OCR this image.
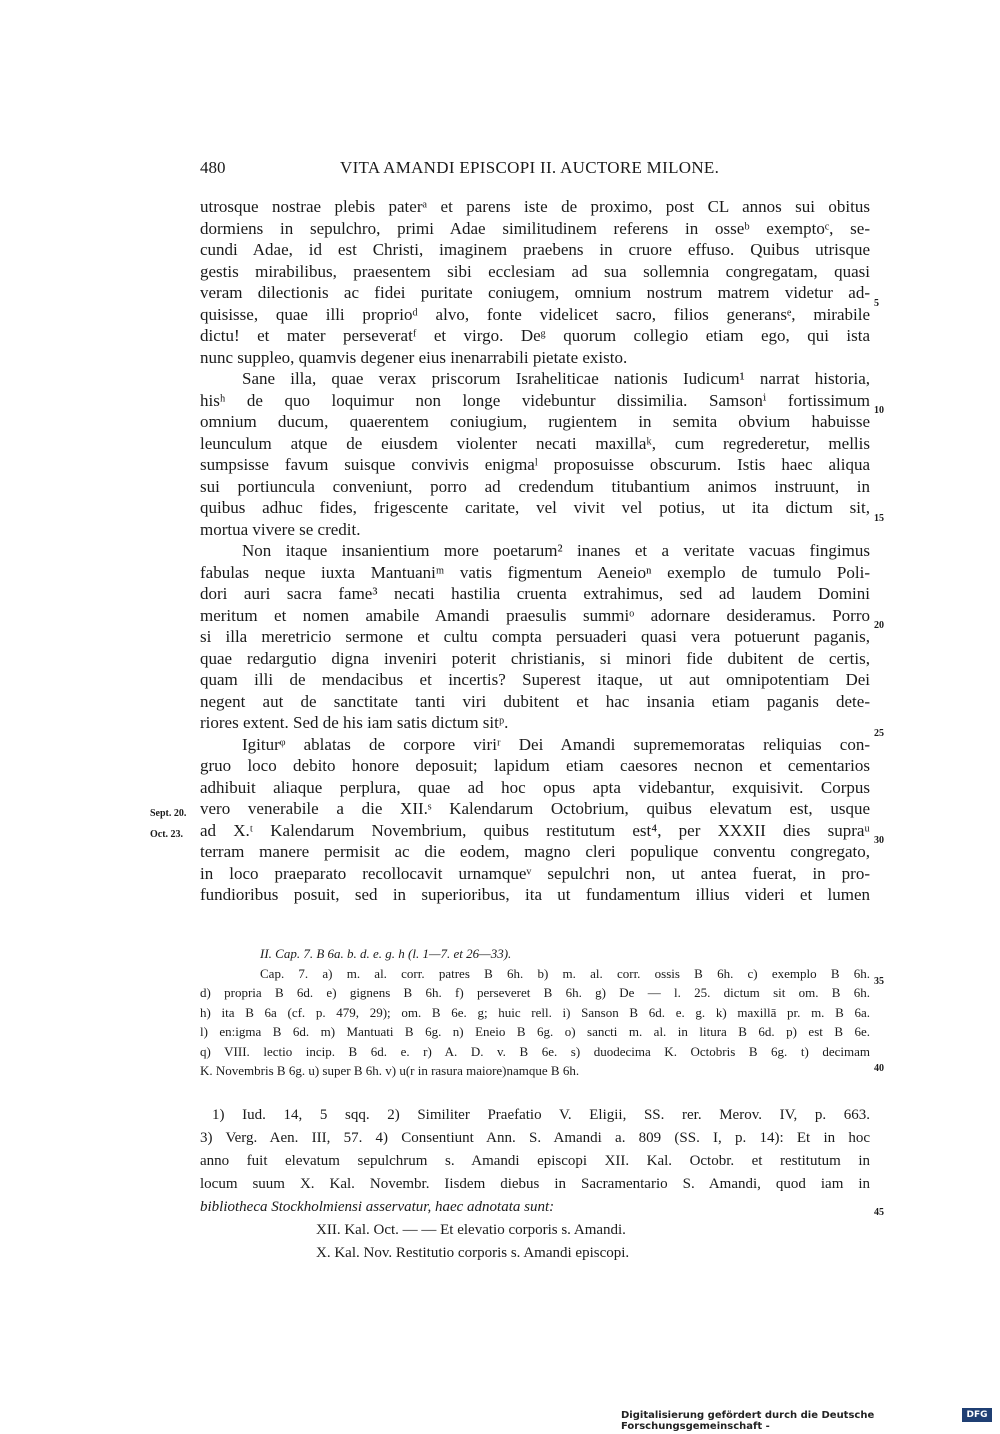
480	VITA AMANDI EPISCOPI II. AUCTORE MILONE.
utrosque nostrae plebis paterᵃ et parens iste de proximo, post CL annos sui obitus
dormiens in sepulchro, primi Adae similitudinem referens in osseᵇ exemptoᶜ, se-
cundi Adae, id est Christi, imaginem praebens in cruore effuso. Quibus utrisque
gestis mirabilibus, praesentem sibi ecclesiam ad sua sollemnia congregatam, quasi
veram dilectionis ac fidei puritate coniugem, omnium nostrum matrem videtur ad-
quisisse, quae illi proprioᵈ alvo, fonte videlicet sacro, filios generansᵉ, mirabile
dictu! et mater perseveratᶠ et virgo. Deᵍ quorum collegio etiam ego, qui ista
nunc suppleo, quamvis degener eius inenarrabili pietate existo.
Sane illa, quae verax priscorum Israheliticae nationis Iudicum¹ narrat historia,
hisʰ de quo loquimur non longe videbuntur dissimilia. Samsonⁱ fortissimum
omnium ducum, quaerentem coniugium, rugientem in semita obvium habuisse
leunculum atque de eiusdem violenter necati maxillaᵏ, cum regrederetur, mellis
sumpsisse favum suisque convivis enigmaˡ proposuisse obscurum. Istis haec aliqua
sui portiuncula conveniunt, porro ad credendum titubantium animos instruunt, in
quibus adhuc fides, frigescente caritate, vel vivit vel potius, ut ita dictum sit,
mortua vivere se credit.
Non itaque insanientium more poetarum² inanes et a veritate vacuas fingimus
fabulas neque iuxta Mantuaniᵐ vatis figmentum Aeneioⁿ exemplo de tumulo Poli-
dori auri sacra fame³ necati hastilia cruenta extrahimus, sed ad laudem Domini
meritum et nomen amabile Amandi praesulis summiᵒ adornare desideramus. Porro
si illa meretricio sermone et cultu compta persuaderi quasi vera potuerunt paganis,
quae redargutio digna inveniri poterit christianis, si minori fide dubitent de certis,
quam illi de mendacibus et incertis? Superest itaque, ut aut omnipotentiam Dei
negent aut de sanctitate tanti viri dubitent et hac insania etiam paganis dete-
riores extent. Sed de his iam satis dictum sitᵖ.
Igiturᵠ ablatas de corpore viriʳ Dei Amandi suprememoratas reliquias con-
gruo loco debito honore deposuit; lapidum etiam caesores necnon et cementarios
adhibuit aliaque perplura, quae ad hoc opus apta videbantur, exquisivit. Corpus
vero venerabile a die XII.ˢ Kalendarum Octobrium, quibus elevatum est, usque
ad X.ᵗ Kalendarum Novembrium, quibus restitutum est⁴, per XXXII dies supraᵘ
terram manere permisit ac die eodem, magno cleri populique conventu congregato,
in loco praeparato recollocavit urnamqueᵛ sepulchri non, ut antea fuerat, in pro-
fundioribus posuit, sed in superioribus, ita ut fundamentum illius videri et lumen
Sept. 20.
Oct. 23.
5
10
15
20
25
30
35
40
45
II. Cap. 7. B 6a. b. d. e. g. h (l. 1—7. et 26—33).
Cap. 7. a) m. al. corr. patres B 6h. b) m. al. corr. ossis B 6h. c) exemplo B 6h.
d) propria B 6d. e) gignens B 6h. f) perseveret B 6h. g) De — l. 25. dictum sit om. B 6h.
h) ita B 6a (cf. p. 479, 29); om. B 6e. g; huic rell. i) Sanson B 6d. e. g. k) maxillā pr. m. B 6a.
l) en:igma B 6d. m) Mantuati B 6g. n) Eneio B 6g. o) sancti m. al. in litura B 6d. p) est B 6e.
q) VIII. lectio incip. B 6d. e. r) A. D. v. B 6e. s) duodecima K. Octobris B 6g. t) decimam
K. Novembris B 6g. u) super B 6h. v) u(r in rasura maiore)namque B 6h.
1) Iud. 14, 5 sqq. 2) Similiter Praefatio V. Eligii, SS. rer. Merov. IV, p. 663.
3) Verg. Aen. III, 57. 4) Consentiunt Ann. S. Amandi a. 809 (SS. I, p. 14): Et in hoc
anno fuit elevatum sepulchrum s. Amandi episcopi XII. Kal. Octobr. et restitutum in
locum suum X. Kal. Novembr. Iisdem diebus in Sacramentario S. Amandi, quod iam in
bibliotheca Stockholmiensi asservatur, haec adnotata sunt:
XII. Kal. Oct. — — Et elevatio corporis s. Amandi.
X. Kal. Nov. Restitutio corporis s. Amandi episcopi.
Digitalisierung gefördert durch die Deutsche Forschungsgemeinschaft -
DFG
